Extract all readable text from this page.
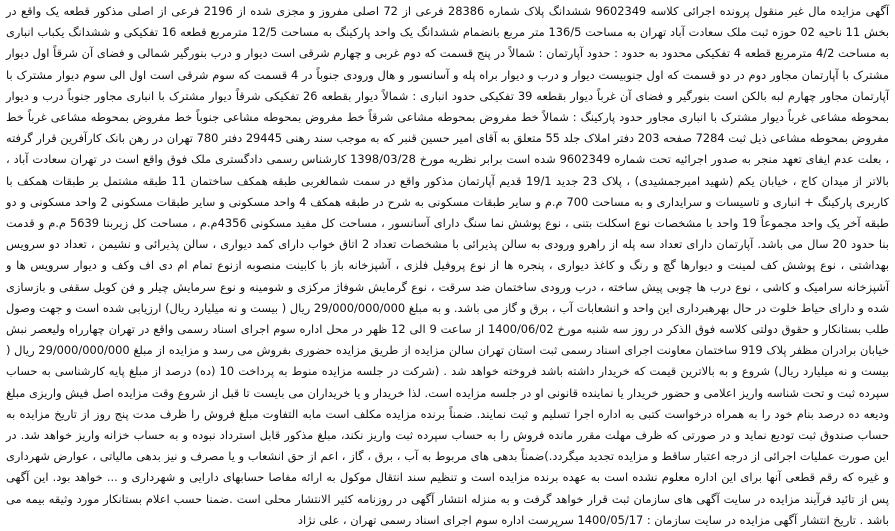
آگهی مزایده مال غیر منقول پرونده اجرائی کلاسه 9602349 ششدانگ پلاک شماره 28386 فرعی از 72 اصلی مفروز و مجزی شده از 2196 فرعی از اصلی مذکور قطعه یک واقع در بخش 11 ناحیه 02 حوزه ثبت ملک سعادت آباد تهران به مساحت 136/5 متر مربع بانضمام ششدانگ یک واحد پارکینگ به مساحت 12/5 مترمربع قطعه 16 تفکیکی و ششدانگ یکباب انباری به مساحت 4/2 مترمربع قطعه 4 تفکیکی محدود به حدود : حدود آپارتمان : شمالاً در پنج قسمت که دوم غربی و چهارم شرقی است دیوار و درب بنورگیر شمالی و فضای آن شرقاً اول دیوار مشترک با آپارتمان مجاور دوم در دو قسمت که اول جنوبیست دیوار و درب و دیوار براه پله و آسانسور و هال ورودی جنوباً در 4 قسمت که سوم شرقی است اول الی سوم دیوار مشترک با آپارتمان مجاور چهارم لبه بالکن است بنورگیر و فضای آن غرباً دیوار بقطعه 39 تفکیکی حدود انباری : شمالاً دیوار بقطعه 26 تفکیکی شرقاً دیوار مشترک با انباری مجاور جنوباً درب و دیوار بمحوطه مشاعی غرباً دیوار مشترک با انباری مجاور حدود پارکینگ : شمالاً خط مفروض بمحوطه مشاعی شرقاً خط مفروض بمحوطه مشاعی جنوباً خط مفروض بمحوطه مشاعی غرباً خط مفروض بمحوطه مشاعی ذیل ثبت 7284 صفحه 203 دفتر املاک جلد 55 متعلق به آقای امیر حسین قنبر که به موجب سند رهنی 29445 دفتر 780 تهران در رهن بانک کارآفرین قرار گرفته ، بعلت عدم ایفای تعهد منجر به صدور اجرائیه تحت شماره 9602349 شده است برابر نظریه مورخ 1398/03/28 کارشناس رسمی دادگستری ملک فوق واقع است در تهران سعادت آباد ، بالاتر از میدان کاج ، خیابان یکم (شهید امیرجمشیدی) ، پلاک 23 جدید 19/1 قدیم آپارتمان مذکور واقع در سمت شمالغربی طبقه همکف ساختمان 11 طبقه مشتمل بر طبقات همکف با کاربری پارکینگ + انباری و تاسیسات و سرایداری و به مساحت 700 م.م و سایر طبقات مسکونی به شرح در طبقه همکف 4 واحد مسکونی و سایر طبقات مسکونی 2 واحد مسکونی و دو طبقه آخر یک واحد مجموعاً 19 واحد با مشخصات نوع اسکلت بتنی ، نوع پوشش نما سنگ دارای آسانسور ، مساحت کل مفید مسکونی 4356م.م ، مساحت کل زیربنا 5639 م.م و قدمت بنا حدود 20 سال می باشد. آپارتمان دارای تعداد سه پله از راهرو ورودی به سالن پذیرائی با مشخصات تعداد 2 اتاق خواب دارای کمد دیواری ، سالن پذیرائی و نشیمن ، تعداد دو سرویس بهداشتی ، نوع پوشش کف لمینت و دیوارها گچ و رنگ و کاغذ دیواری ، پنجره ها از نوع پروفیل فلزی ، آشپزخانه باز با کابینت منصوبه ازنوع تمام ام دی اف وکف و دیوار سرویس ها و آشپزخانه سرامیک و کاشی ، نوع درب ها چوبی پیش ساخته ، درب ورودی ساختمان ضد سرقت ، نوع گرمایش شوفاژ مرکزی و شومینه و نوع سرمایش چیلر و فن کویل سقفی و بازسازی شده و دارای حیاط خلوت در حال بهرهبرداری این واحد و انشعابات آب ، برق و گاز می باشد. و به مبلغ 29/000/000/000 ریال ( بیست و نه میلیارد ریال) ارزیابی شده است و جهت وصول طلب بستانکار و حقوق دولتی کلاسه فوق الذکر در روز سه شنبه مورخ 1400/06/02 از ساعت 9 الی 12 ظهر در محل اداره سوم اجرای اسناد رسمی واقع در تهران چهارراه ولیعصر نبش خیابان برادران مظفر پلاک 919 ساختمان معاونت اجرای اسناد رسمی ثبت استان تهران سالن مزایده از طریق مزایده حضوری بفروش می رسد و مزایده از مبلغ 29/000/000/000 ریال ( بیست و نه میلیارد ریال) شروع و به بالاترین قیمت که خریدار داشته باشد فروخته خواهد شد . (شرکت در جلسه مزایده منوط به پرداخت 10 (ده) درصد از مبلغ پایه کارشناسی به حساب سپرده ثبت و تحت شناسه واریز اعلامی و حضور خریدار یا نماینده قانونی او در جلسه مزایده است. لذا خریدار و یا خریداران می بایست تا قبل از شروع وقت مزایده اصل فیش واریزی مبلغ ودیعه ده درصد بنام خود را به همراه درخواست کتبی به اداره اجرا تسلیم و ثبت نمایند. ضمناً برنده مزایده مکلف است مابه التفاوت مبلغ فروش را ظرف مدت پنج روز از تاریخ مزایده به حساب صندوق ثبت تودیع نماید و در صورتی که ظرف مهلت مقرر مانده فروش را به حساب سپرده ثبت واریز نکند، مبلغ مذکور قابل استرداد نبوده و به حساب خزانه واریز خواهد شد. در این صورت عملیات اجرائی از درجه اعتبار ساقط و مزایده تجدید میگردد.)ضمناً بدهی های مربوط به آب ، برق ، گاز ، اعم از حق انشعاب و یا مصرف و نیز بدهی مالیاتی ، عوارض شهرداری و غیره که رقم قطعی آنها برای این اداره معلوم نشده است به عهده برنده مزایده است و تنظیم سند انتقال موکول به ارائه مفاصا حسابهای دارایی و شهرداری و ... خواهد بود. این آگهی پس از تائید فرآیند مزایده در سایت آگهی های سازمان ثبت قرار خواهد گرفت و به منزله انتشار آگهی در روزنامه کثیر الانتشار محلی است .ضمنا حسب اعلام بستانکار مورد وثیقه بیمه می باشد . تاریخ انتشار آگهی مزایده در سایت سازمان : 1400/05/17 سرپرست اداره سوم اجرای اسناد رسمی تهران ، علی نژاد
